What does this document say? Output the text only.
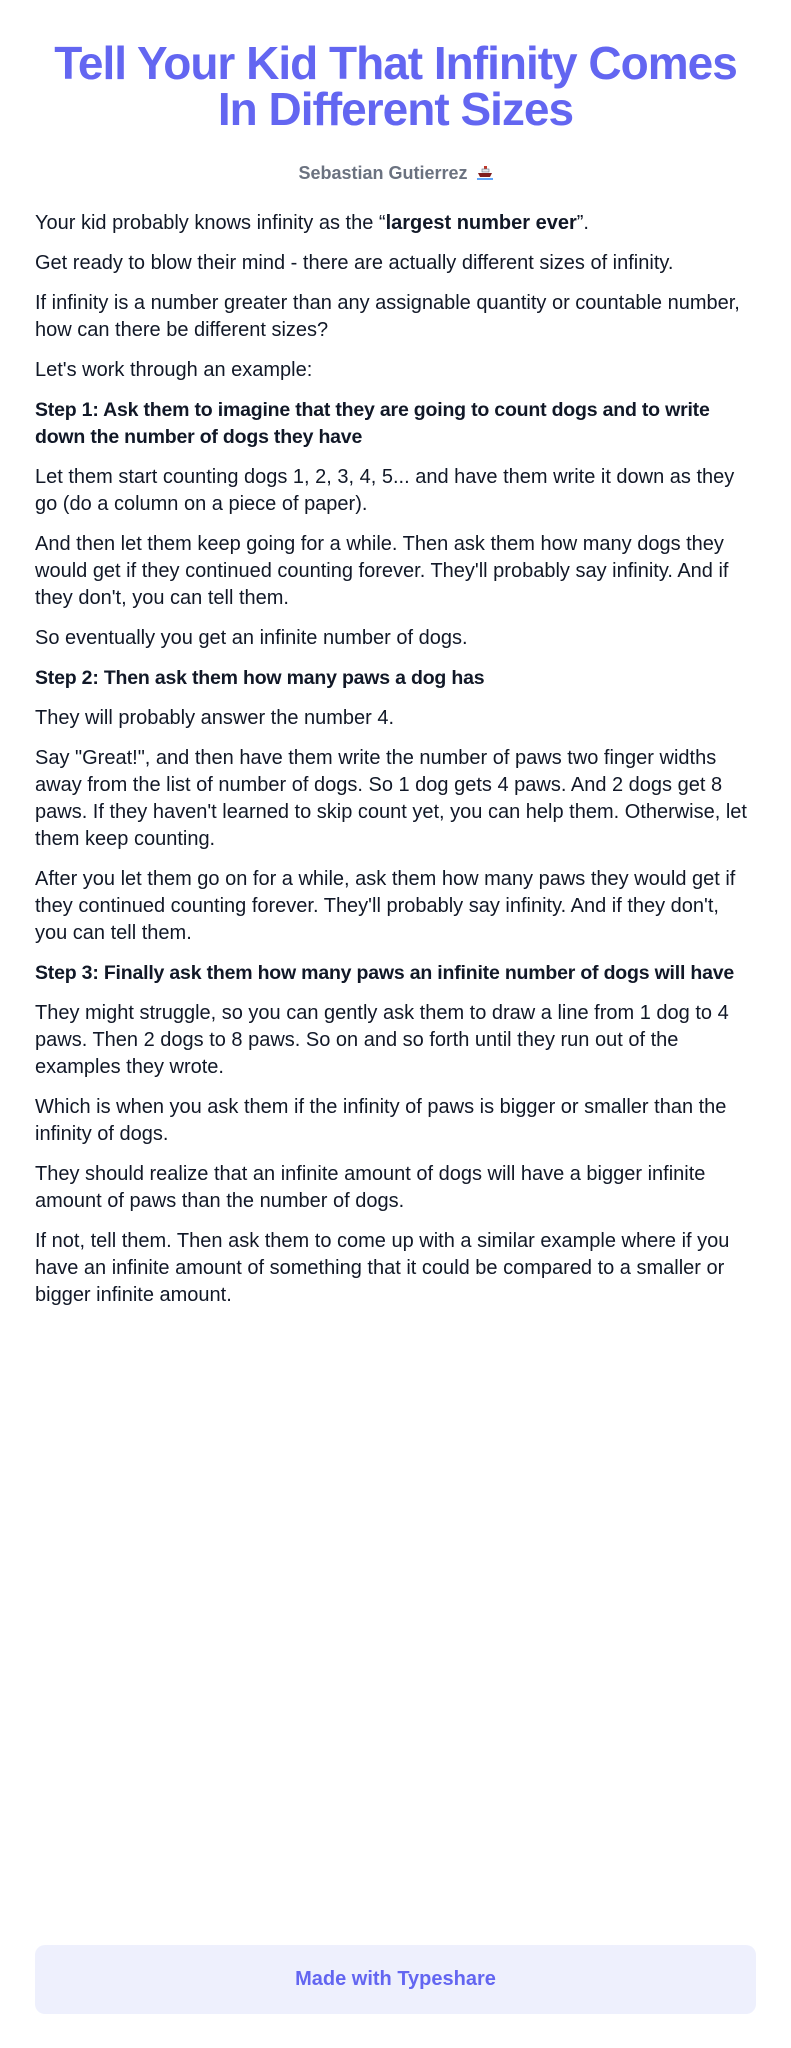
Tell Your Kid That Infinity Comes In Different Sizes
Sebastian Gutierrez

Your kid probably knows infinity as the “largest number ever”.

Get ready to blow their mind - there are actually different sizes of infinity.

If infinity is a number greater than any assignable quantity or countable number, how can there be different sizes?

Let's work through an example:

Step 1: Ask them to imagine that they are going to count dogs and to write down the number of dogs they have

Let them start counting dogs 1, 2, 3, 4, 5... and have them write it down as they go (do a column on a piece of paper).

And then let them keep going for a while. Then ask them how many dogs they would get if they continued counting forever. They'll probably say infinity. And if they don't, you can tell them.

So eventually you get an infinite number of dogs.

Step 2: Then ask them how many paws a dog has

They will probably answer the number 4.

Say "Great!", and then have them write the number of paws two finger widths away from the list of number of dogs. So 1 dog gets 4 paws. And 2 dogs get 8 paws. If they haven't learned to skip count yet, you can help them. Otherwise, let them keep counting.

After you let them go on for a while, ask them how many paws they would get if they continued counting forever. They'll probably say infinity. And if they don't, you can tell them.

Step 3: Finally ask them how many paws an infinite number of dogs will have

They might struggle, so you can gently ask them to draw a line from 1 dog to 4 paws. Then 2 dogs to 8 paws. So on and so forth until they run out of the examples they wrote.

Which is when you ask them if the infinity of paws is bigger or smaller than the infinity of dogs.

They should realize that an infinite amount of dogs will have a bigger infinite amount of paws than the number of dogs.

If not, tell them. Then ask them to come up with a similar example where if you have an infinite amount of something that it could be compared to a smaller or bigger infinite amount.

Made with Typeshare
